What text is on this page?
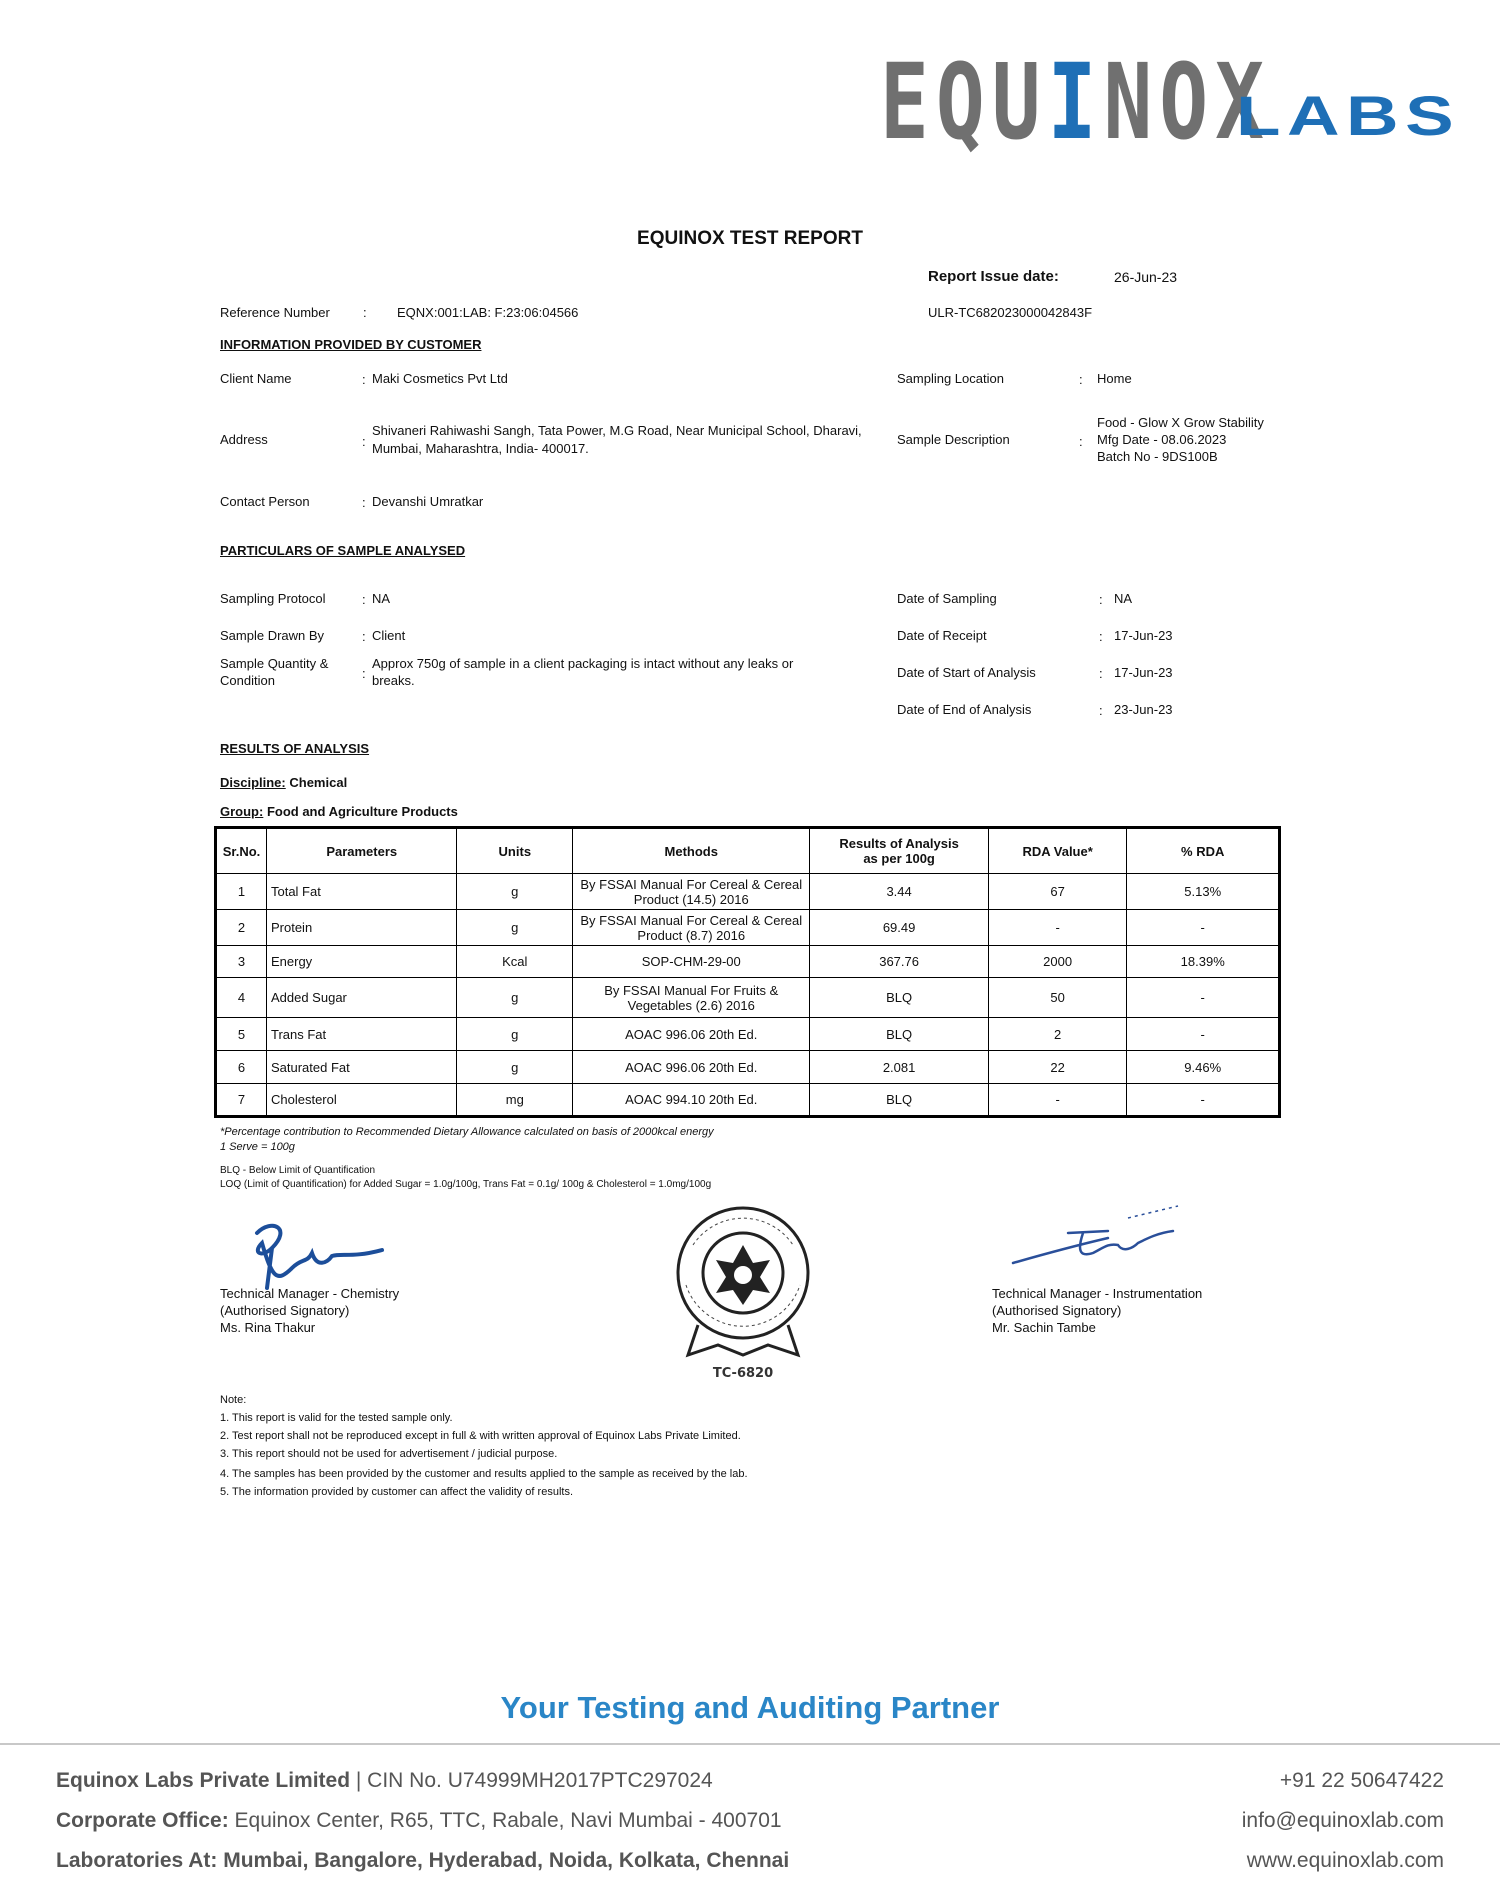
EQUINOX
LABS
EQUINOX TEST REPORT
Report Issue date:	26-Jun-23
Reference Number	: EQNX:001:LAB: F:23:06:04566	ULR-TC682023000042843F
INFORMATION PROVIDED BY CUSTOMER
Client Name	: Maki Cosmetics Pvt Ltd
Address	:
Shivaneri Rahiwashi Sangh, Tata Power, M.G Road, Near Municipal School, Dharavi,
Mumbai, Maharashtra, India- 400017.
Contact Person	: Devanshi Umratkar
Sampling Location	: Home
Sample Description	:
Food - Glow X Grow Stability
Mfg Date - 08.06.2023
Batch No - 9DS100B
PARTICULARS OF SAMPLE ANALYSED
Sampling Protocol	: NA
Sample Drawn By	: Client
Sample Quantity &
Condition	:
Approx 750g of sample in a client packaging is intact without any leaks or
breaks.
Date of Sampling	: NA
Date of Receipt	: 17-Jun-23
Date of Start of Analysis	: 17-Jun-23
Date of End of Analysis	: 23-Jun-23
RESULTS OF ANALYSIS
Discipline: Chemical
Group: Food and Agriculture Products
Sr.No.	Parameters	Units	Methods	Results of Analysis
as per 100g	RDA Value*	% RDA
1	Total Fat	g	By FSSAI Manual For Cereal & Cereal
Product (14.5) 2016	3.44	67	5.13%
2	Protein	g	By FSSAI Manual For Cereal & Cereal
Product (8.7) 2016	69.49	-	-
3	Energy	Kcal	SOP-CHM-29-00	367.76	2000	18.39%
4	Added Sugar	g	By FSSAI Manual For Fruits &
Vegetables (2.6) 2016	BLQ	50	-
5	Trans Fat	g	AOAC 996.06 20th Ed.	BLQ	2	-
6	Saturated Fat	g	AOAC 996.06 20th Ed.	2.081	22	9.46%
7	Cholesterol	mg	AOAC 994.10 20th Ed.	BLQ	-	-
*Percentage contribution to Recommended Dietary Allowance calculated on basis of 2000kcal energy
1 Serve = 100g
BLQ - Below Limit of Quantification
LOQ (Limit of Quantification) for Added Sugar = 1.0g/100g, Trans Fat = 0.1g/ 100g & Cholesterol = 1.0mg/100g
Technical Manager - Chemistry
(Authorised Signatory)
Ms. Rina Thakur
TC-6820
Technical Manager - Instrumentation
(Authorised Signatory)
Mr. Sachin Tambe
Note:
1. This report is valid for the tested sample only.
2. Test report shall not be reproduced except in full & with written approval of Equinox Labs Private Limited.
3. This report should not be used for advertisement / judicial purpose.
4. The samples has been provided by the customer and results applied to the sample as received by the lab.
5. The information provided by customer can affect the validity of results.
Your Testing and Auditing Partner
Equinox Labs Private Limited | CIN No. U74999MH2017PTC297024
Corporate Office: Equinox Center, R65, TTC, Rabale, Navi Mumbai - 400701
Laboratories At: Mumbai, Bangalore, Hyderabad, Noida, Kolkata, Chennai
+91 22 50647422
info@equinoxlab.com
www.equinoxlab.com
